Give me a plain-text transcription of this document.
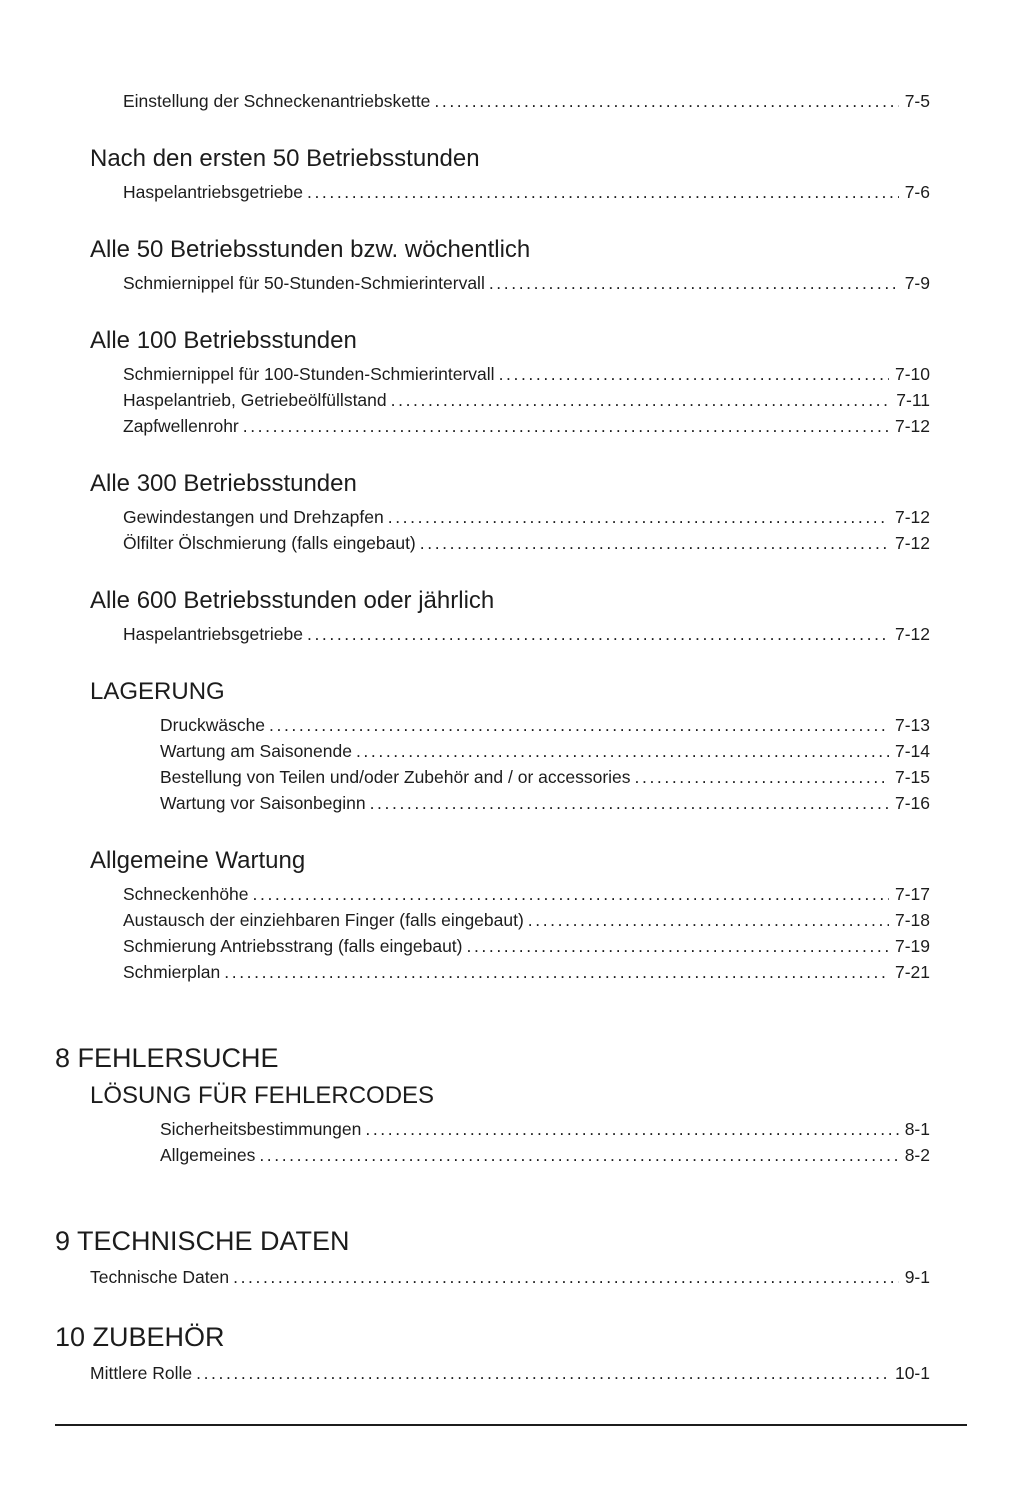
Einstellung der Schneckenantriebskette .....	7-5
Nach den ersten 50 Betriebsstunden
Haspelantriebsgetriebe .....	7-6
Alle 50 Betriebsstunden bzw. wöchentlich
Schmiernippel für 50-Stunden-Schmierintervall .....	7-9
Alle 100 Betriebsstunden
Schmiernippel für 100-Stunden-Schmierintervall .....	7-10
Haspelantrieb, Getriebeölfüllstand .....	7-11
Zapfwellenrohr .....	7-12
Alle 300 Betriebsstunden
Gewindestangen und Drehzapfen .....	7-12
Ölfilter Ölschmierung (falls eingebaut) .....	7-12
Alle 600 Betriebsstunden oder jährlich
Haspelantriebsgetriebe .....	7-12
LAGERUNG
Druckwäsche .....	7-13
Wartung am Saisonende .....	7-14
Bestellung von Teilen und/oder Zubehör and / or accessories .....	7-15
Wartung vor Saisonbeginn .....	7-16
Allgemeine Wartung
Schneckenhöhe .....	7-17
Austausch der einziehbaren Finger (falls eingebaut) .....	7-18
Schmierung Antriebsstrang (falls eingebaut) .....	7-19
Schmierplan .....	7-21
8 FEHLERSUCHE
LÖSUNG FÜR FEHLERCODES
Sicherheitsbestimmungen .....	8-1
Allgemeines .....	8-2
9 TECHNISCHE DATEN
Technische Daten .....	9-1
10 ZUBEHÖR
Mittlere Rolle .....	10-1
